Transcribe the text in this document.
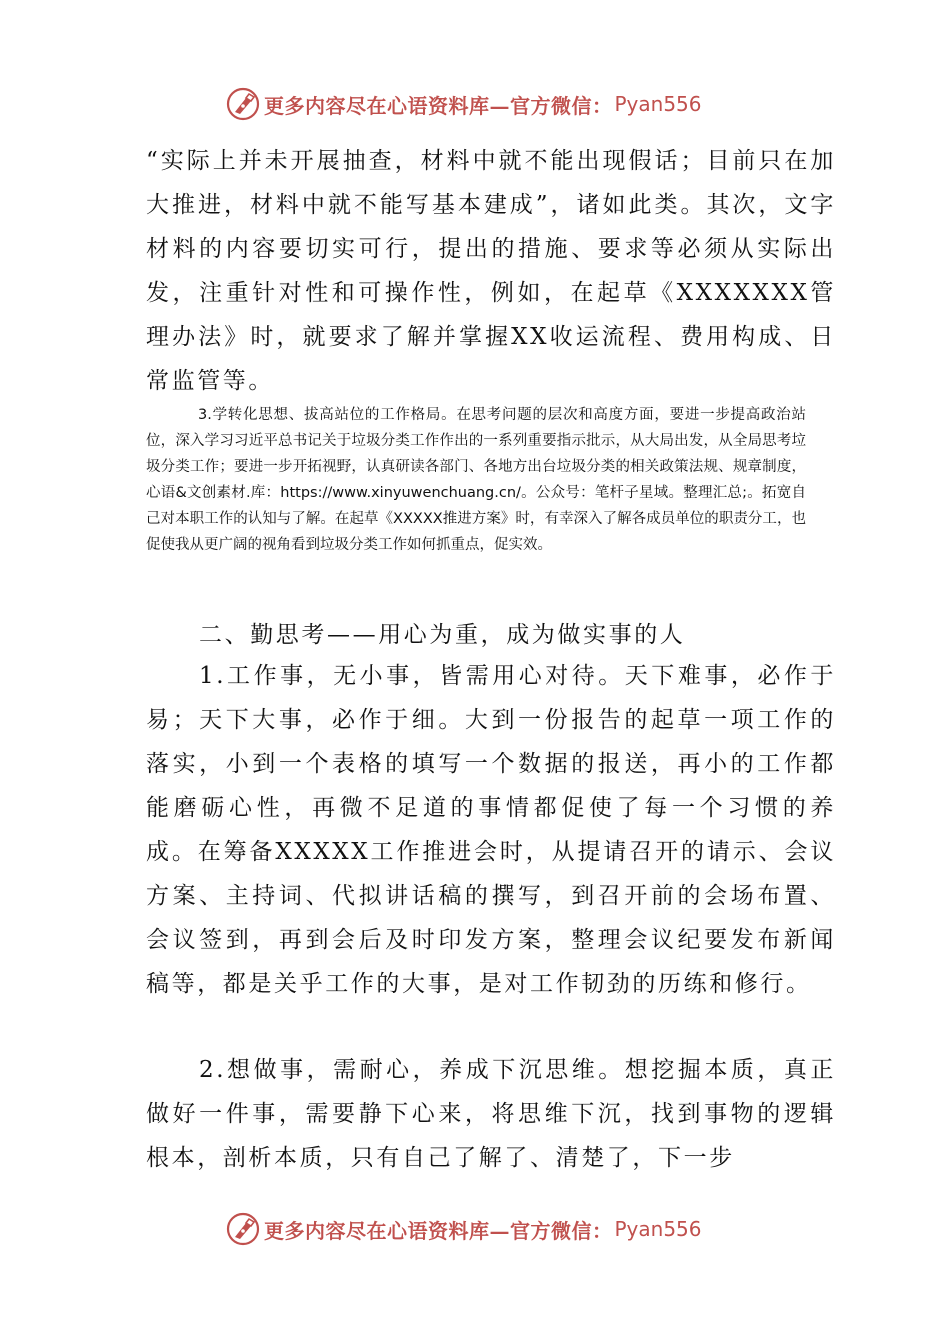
更多内容尽在心语资料库—官方微信： Pyan556

“实际上并未开展抽查，材料中就不能出现假话；目前只在加大推进，材料中就不能写基本建成”，诸如此类。其次，文字材料的内容要切实可行，提出的措施、要求等必须从实际出发，注重针对性和可操作性，例如，在起草《XXXXXXX管理办法》时，就要求了解并掌握XX收运流程、费用构成、日常监管等。

3.学转化思想、拔高站位的工作格局。在思考问题的层次和高度方面，要进一步提高政治站位，深入学习习近平总书记关于垃圾分类工作作出的一系列重要指示批示，从大局出发，从全局思考垃圾分类工作；要进一步开拓视野，认真研读各部门、各地方出台垃圾分类的相关政策法规、规章制度，心语&文创素材.库：https://www.xinyuwenchuang.cn/。公众号：笔杆子星域。整理汇总;。拓宽自己对本职工作的认知与了解。在起草《XXXXX推进方案》时，有幸深入了解各成员单位的职责分工，也促使我从更广阔的视角看到垃圾分类工作如何抓重点，促实效。

二、勤思考——用心为重，成为做实事的人

1.工作事，无小事，皆需用心对待。天下难事，必作于易；天下大事，必作于细。大到一份报告的起草一项工作的落实，小到一个表格的填写一个数据的报送，再小的工作都能磨砺心性，再微不足道的事情都促使了每一个习惯的养成。在筹备XXXXX工作推进会时，从提请召开的请示、会议方案、主持词、代拟讲话稿的撰写，到召开前的会场布置、会议签到，再到会后及时印发方案，整理会议纪要发布新闻稿等，都是关乎工作的大事，是对工作韧劲的历练和修行。

2.想做事，需耐心，养成下沉思维。想挖掘本质，真正做好一件事，需要静下心来，将思维下沉，找到事物的逻辑根本，剖析本质，只有自己了解了、清楚了，下一步

更多内容尽在心语资料库—官方微信： Pyan556
